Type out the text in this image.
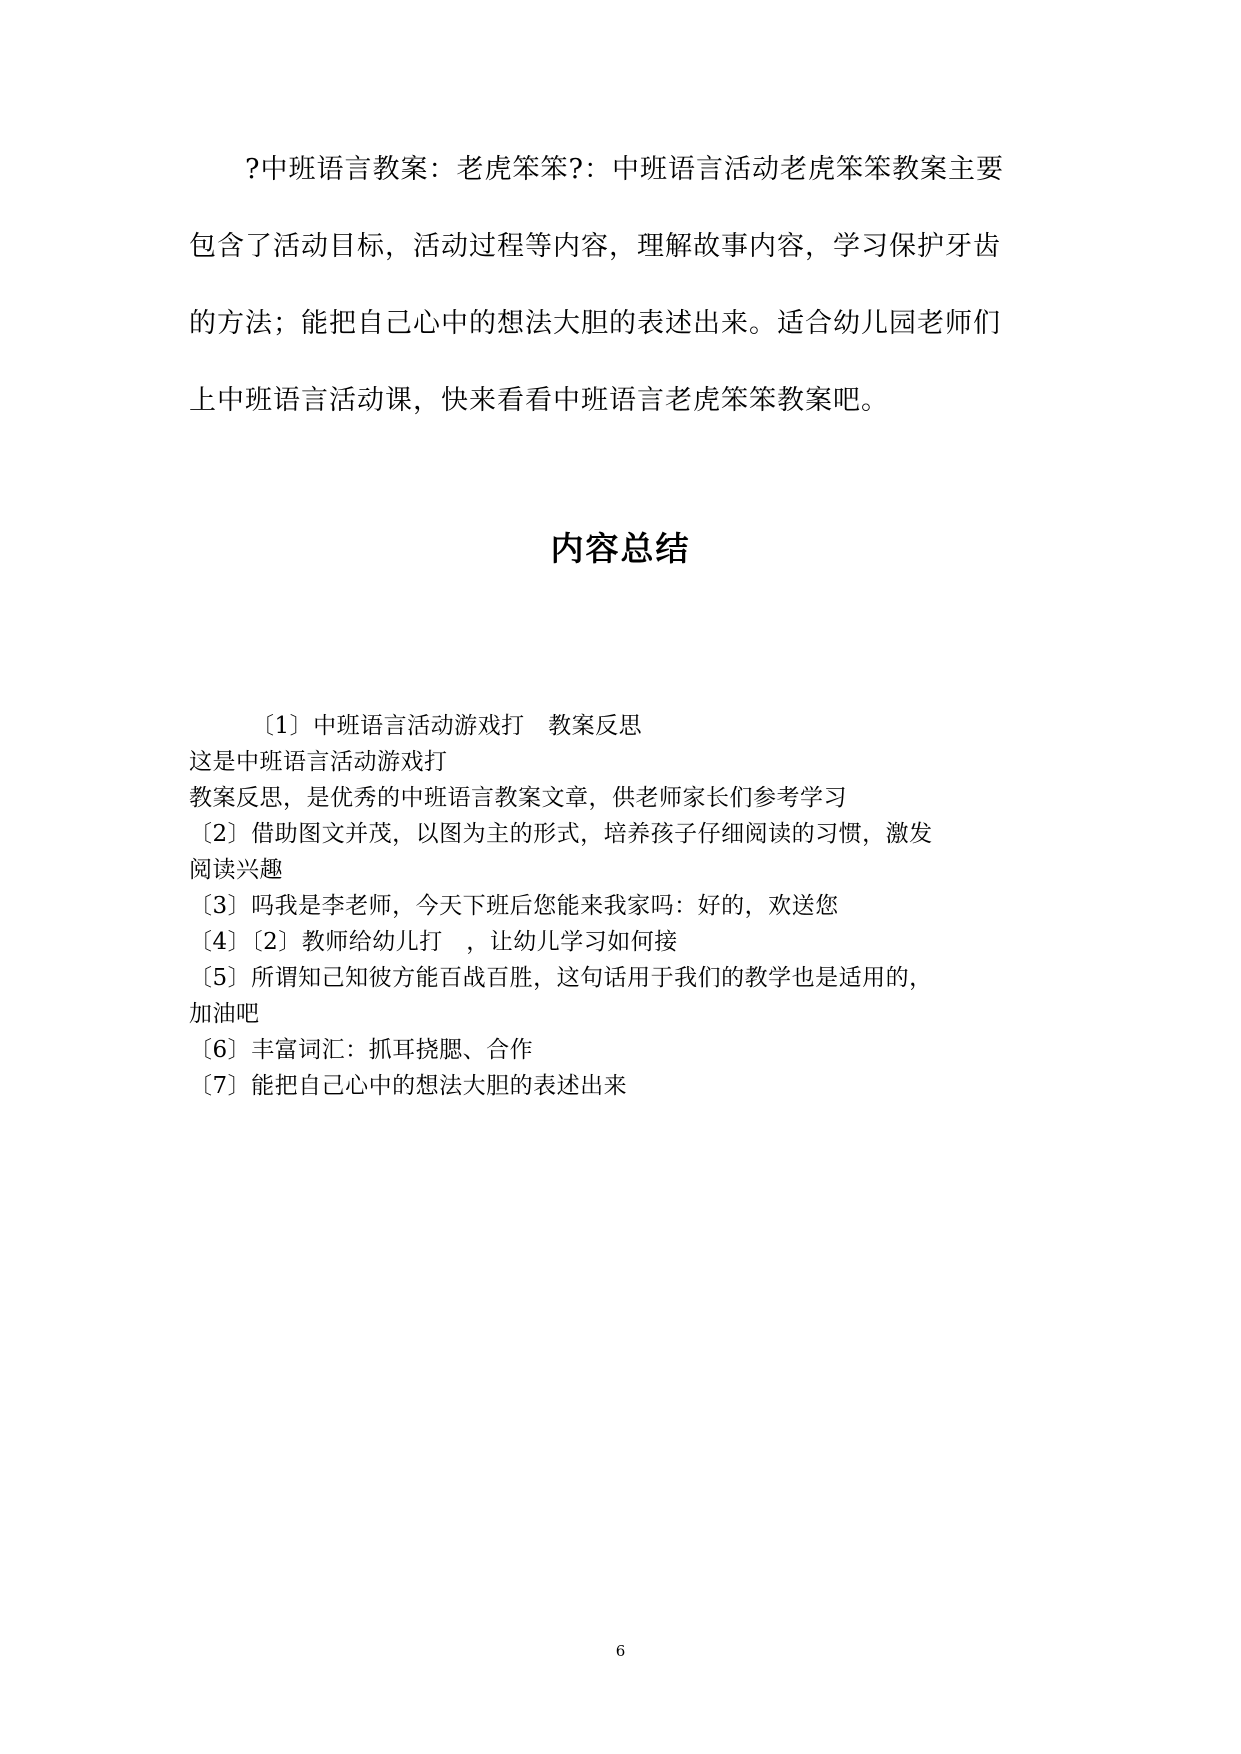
?中班语言教案：老虎笨笨?：中班语言活动老虎笨笨教案主要
包含了活动目标，活动过程等内容，理解故事内容，学习保护牙齿
的方法；能把自己心中的想法大胆的表述出来。适合幼儿园老师们
上中班语言活动课，快来看看中班语言老虎笨笨教案吧。
内容总结
〔1〕中班语言活动游戏打　教案反思
这是中班语言活动游戏打
教案反思，是优秀的中班语言教案文章，供老师家长们参考学习
〔2〕借助图文并茂，以图为主的形式，培养孩子仔细阅读的习惯，激发
阅读兴趣
〔3〕吗我是李老师，今天下班后您能来我家吗：好的，欢送您
〔4〕〔2〕教师给幼儿打　，让幼儿学习如何接
〔5〕所谓知己知彼方能百战百胜，这句话用于我们的教学也是适用的，
加油吧
〔6〕丰富词汇：抓耳挠腮、合作
〔7〕能把自己心中的想法大胆的表述出来
6
